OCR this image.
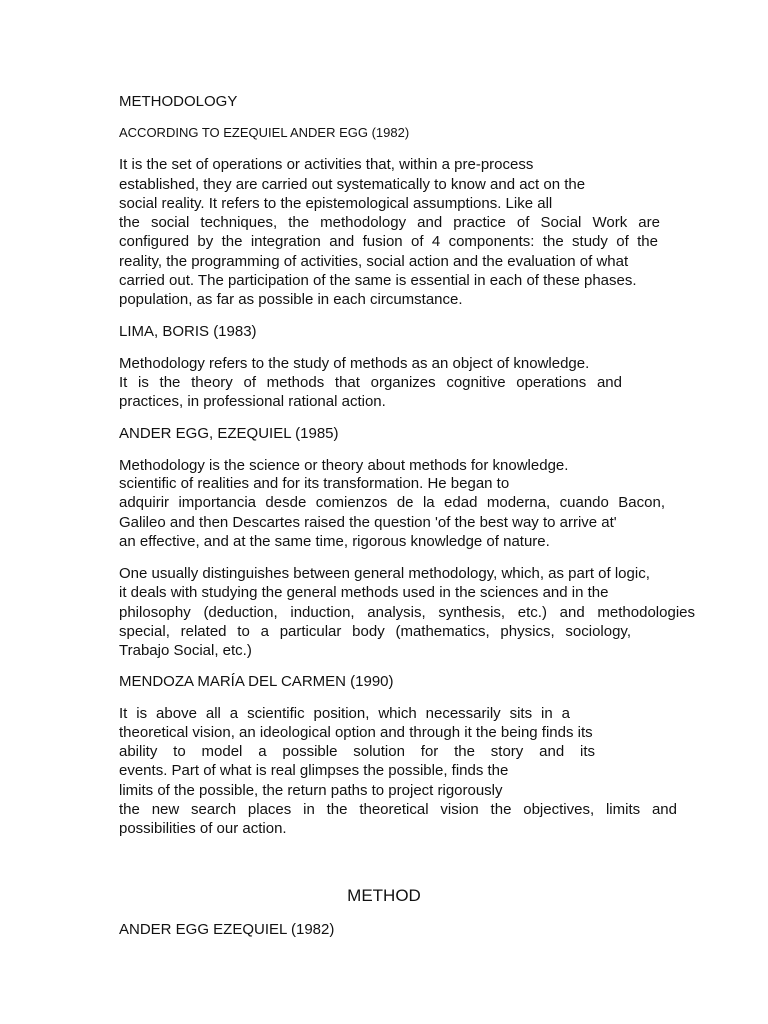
METHODOLOGY
ACCORDING TO EZEQUIEL ANDER EGG (1982)
It is the set of operations or activities that, within a pre-process
established, they are carried out systematically to know and act on the
social reality. It refers to the epistemological assumptions. Like all
the social techniques, the methodology and practice of Social Work are
configured by the integration and fusion of 4 components: the study of the
reality, the programming of activities, social action and the evaluation of what
carried out. The participation of the same is essential in each of these phases.
population, as far as possible in each circumstance.
LIMA, BORIS (1983)
Methodology refers to the study of methods as an object of knowledge.
It is the theory of methods that organizes cognitive operations and
practices, in professional rational action.
ANDER EGG, EZEQUIEL (1985)
Methodology is the science or theory about methods for knowledge.
scientific of realities and for its transformation. He began to
adquirir importancia desde comienzos de la edad moderna, cuando Bacon,
Galileo and then Descartes raised the question 'of the best way to arrive at'
an effective, and at the same time, rigorous knowledge of nature.
One usually distinguishes between general methodology, which, as part of logic,
it deals with studying the general methods used in the sciences and in the
philosophy (deduction, induction, analysis, synthesis, etc.) and methodologies
special, related to a particular body (mathematics, physics, sociology,
Trabajo Social, etc.)
MENDOZA MARÍA DEL CARMEN (1990)
It is above all a scientific position, which necessarily sits in a
theoretical vision, an ideological option and through it the being finds its
ability to model a possible solution for the story and its
events. Part of what is real glimpses the possible, finds the
limits of the possible, the return paths to project rigorously
the new search places in the theoretical vision the objectives, limits and
possibilities of our action.
METHOD
ANDER EGG EZEQUIEL (1982)
